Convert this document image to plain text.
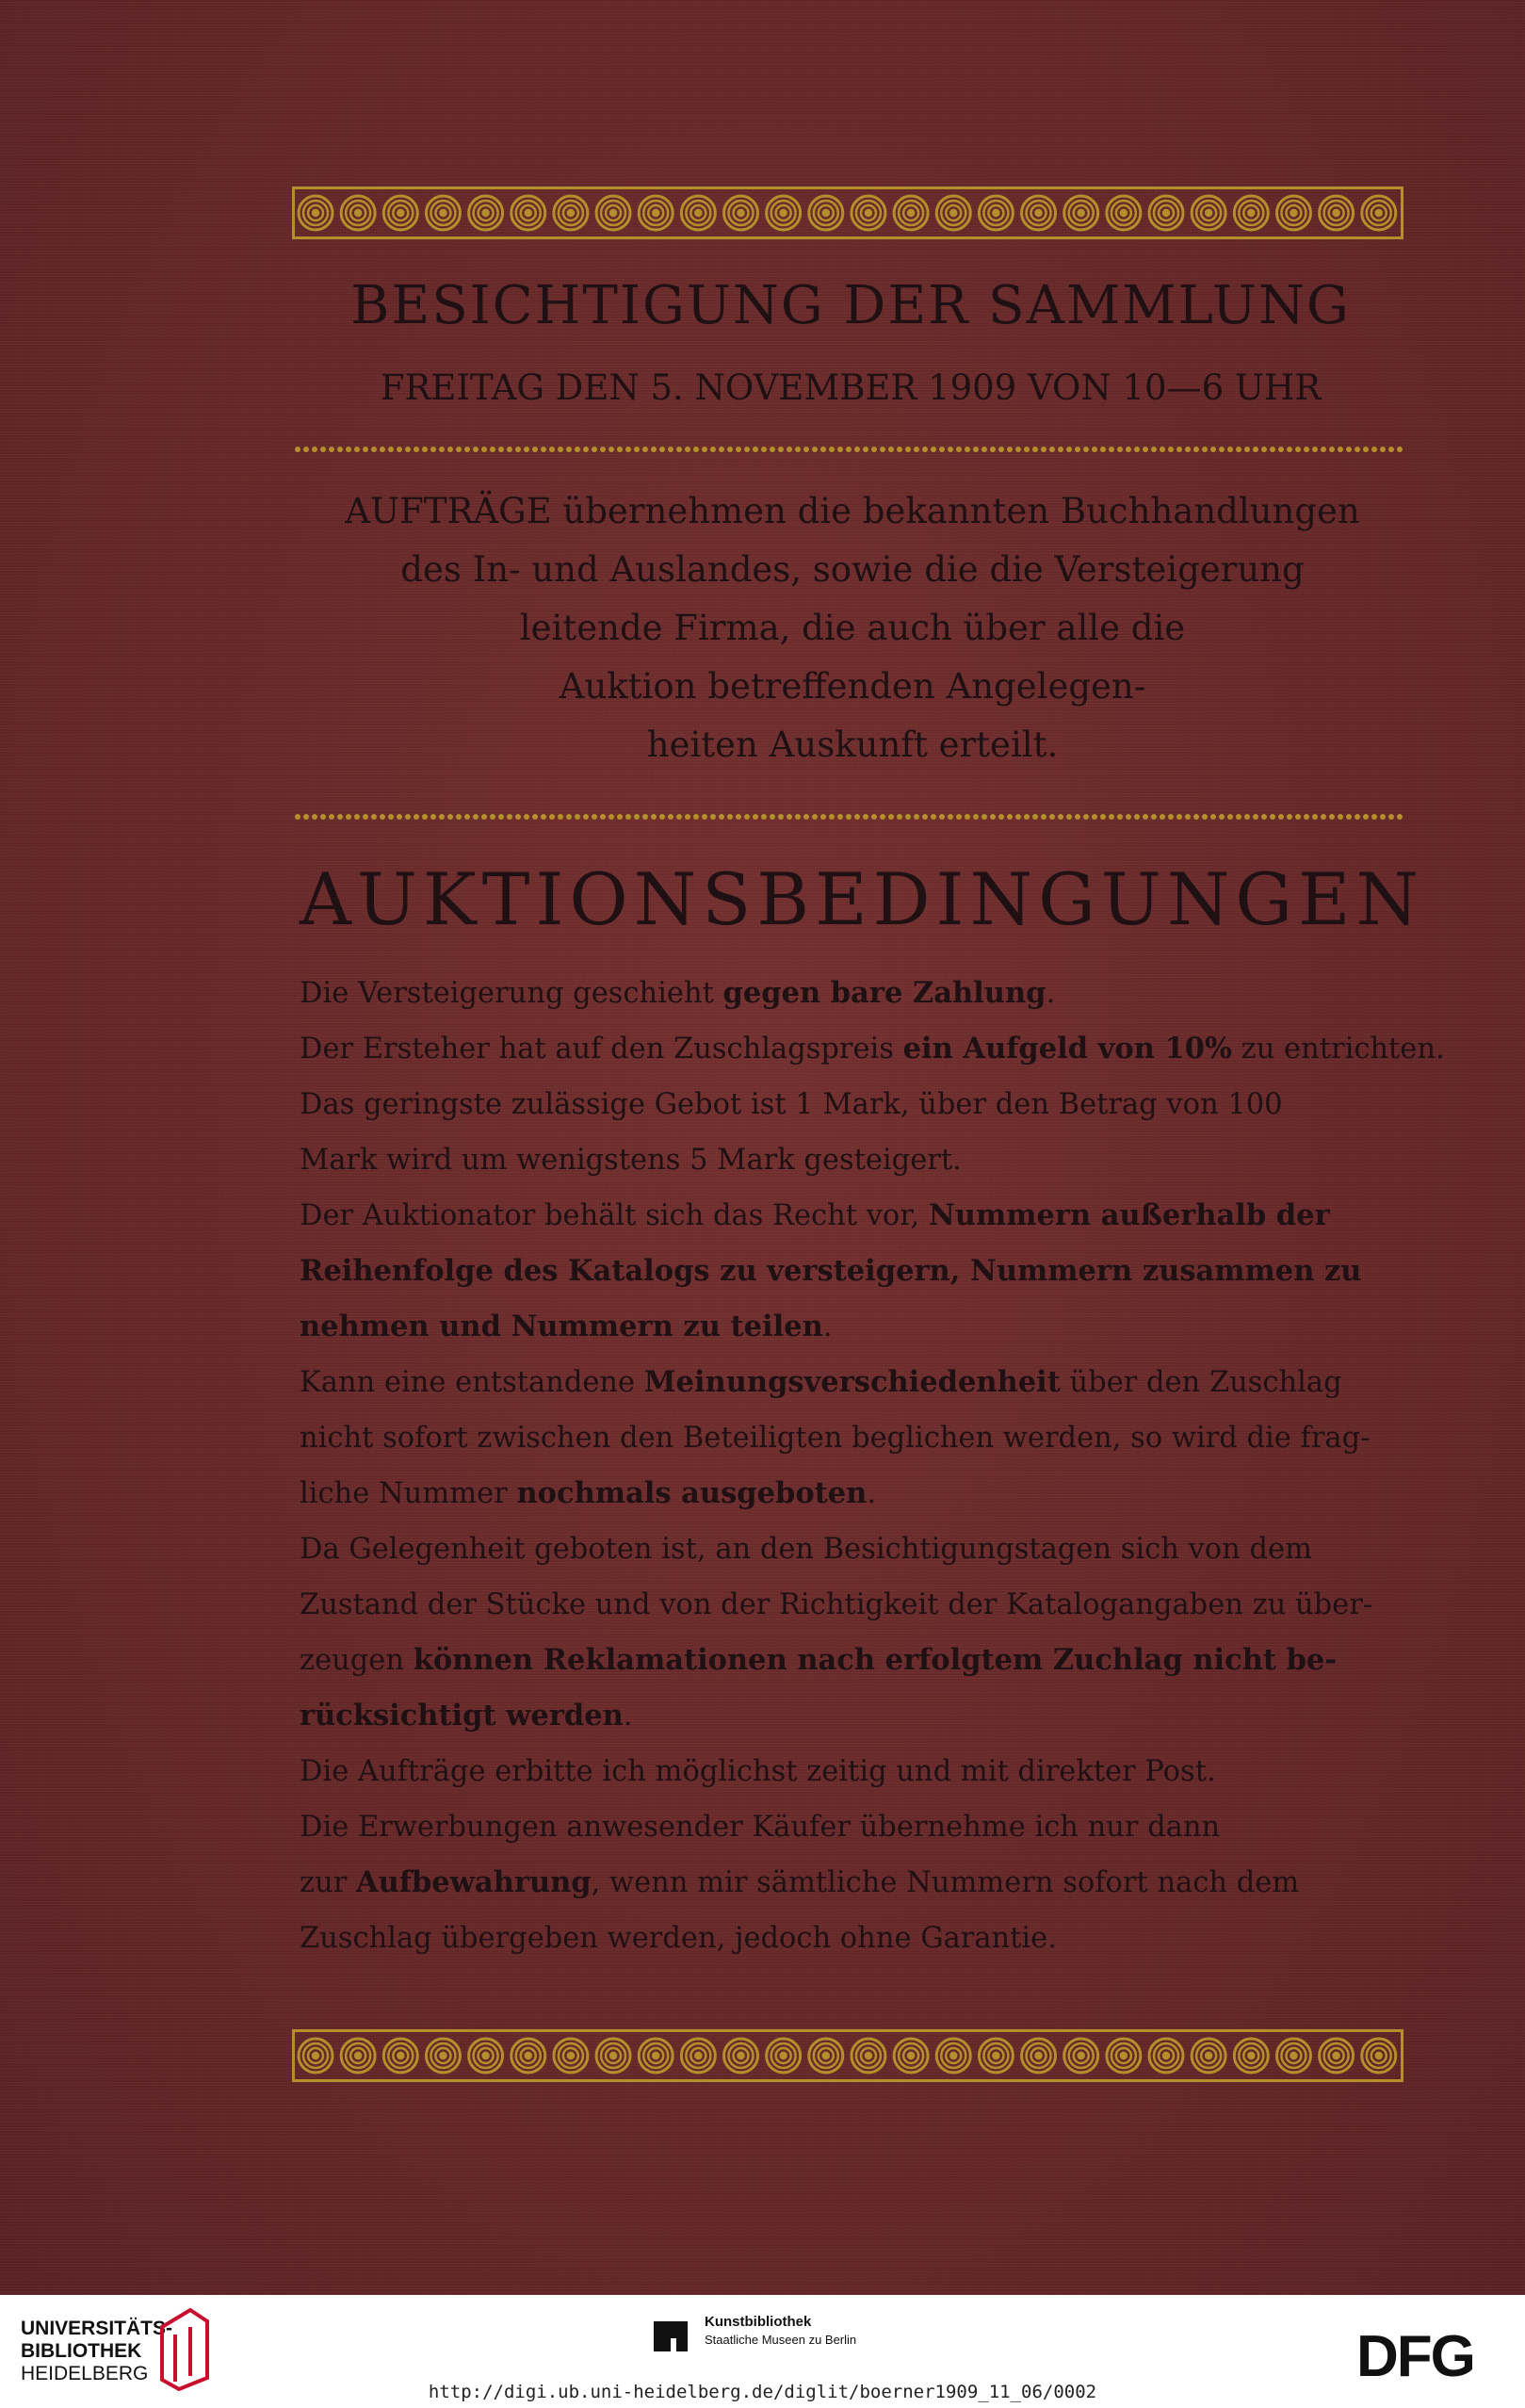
BESICHTIGUNG DER SAMMLUNG
FREITAG DEN 5. NOVEMBER 1909 VON 10—6 UHR
AUFTRÄGE übernehmen die bekannten Buchhandlungen
des In- und Auslandes, sowie die die Versteigerung
leitende Firma, die auch über alle die
Auktion betreffenden Angelegen-
heiten Auskunft erteilt.
AUKTIONSBEDINGUNGEN
Die Versteigerung geschieht gegen bare Zahlung.
Der Ersteher hat auf den Zuschlagspreis ein Aufgeld von 10% zu entrichten.
Das geringste zulässige Gebot ist 1 Mark, über den Betrag von 100
Mark wird um wenigstens 5 Mark gesteigert.
Der Auktionator behält sich das Recht vor, Nummern außerhalb der
Reihenfolge des Katalogs zu versteigern, Nummern zusammen zu
nehmen und Nummern zu teilen.
Kann eine entstandene Meinungsverschiedenheit über den Zuschlag
nicht sofort zwischen den Beteiligten beglichen werden, so wird die frag-
liche Nummer nochmals ausgeboten.
Da Gelegenheit geboten ist, an den Besichtigungstagen sich von dem
Zustand der Stücke und von der Richtigkeit der Katalogangaben zu über-
zeugen können Reklamationen nach erfolgtem Zuchlag nicht be-
rücksichtigt werden.
Die Aufträge erbitte ich möglichst zeitig und mit direkter Post.
Die Erwerbungen anwesender Käufer übernehme ich nur dann
zur Aufbewahrung, wenn mir sämtliche Nummern sofort nach dem
Zuschlag übergeben werden, jedoch ohne Garantie.
UNIVERSITÄTS-
BIBLIOTHEK
HEIDELBERG
Kunstbibliothek
Staatliche Museen zu Berlin	DFG
http://digi.ub.uni-heidelberg.de/diglit/boerner1909_11_06/0002
